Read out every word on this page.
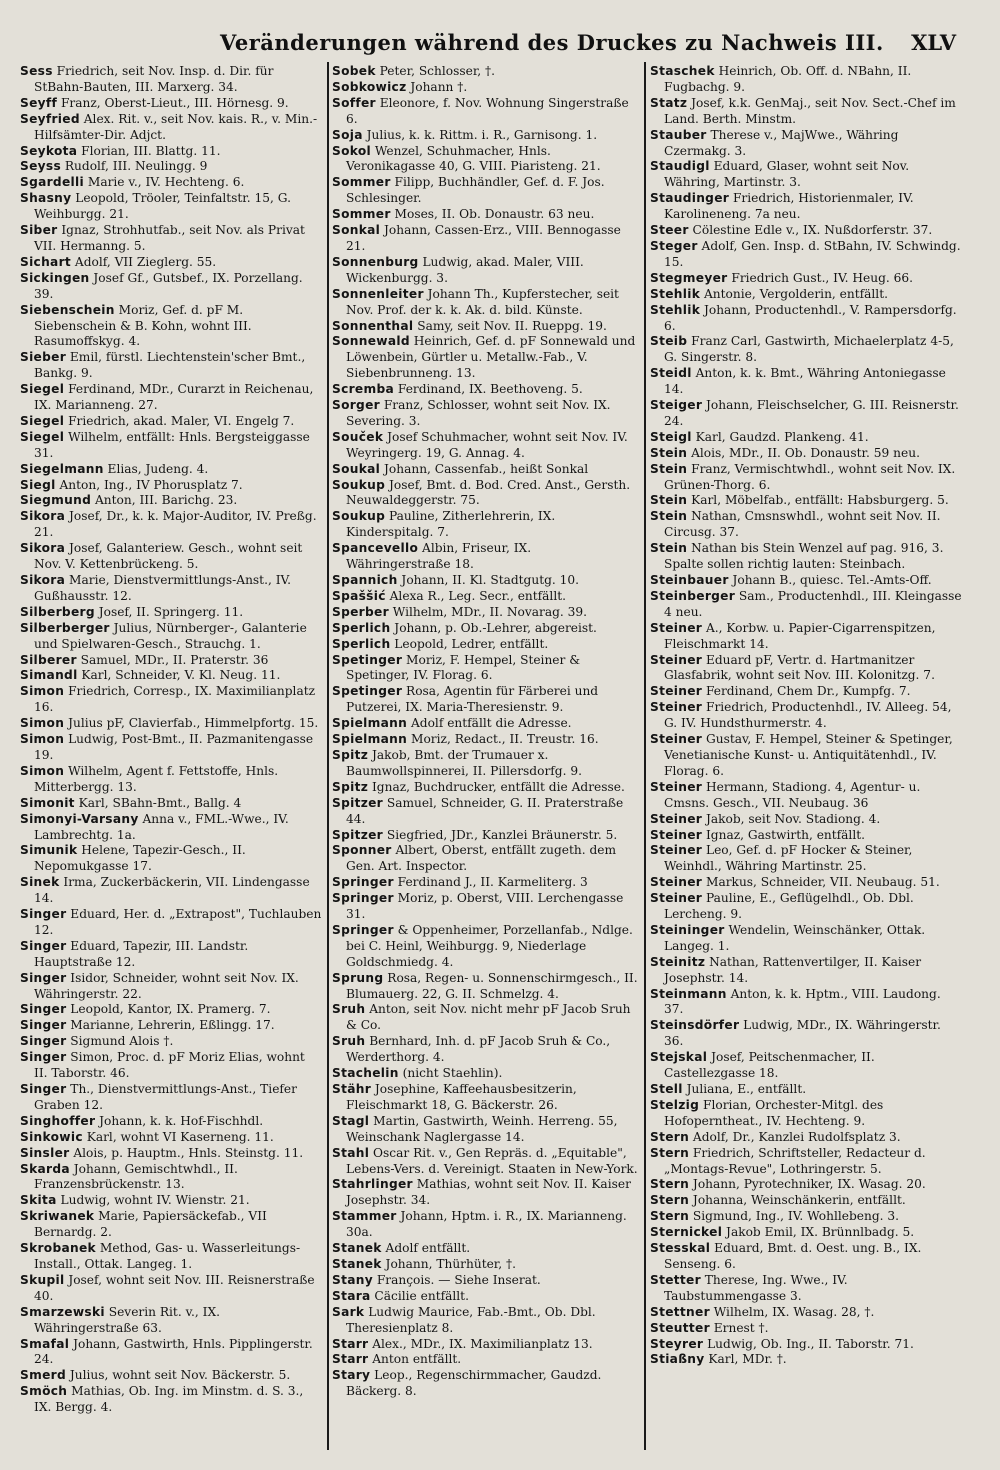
Veränderungen während des Druckes zu Nachweis III. XLV

Sess Friedrich, seit Nov. Insp. d. Dir. für StBahn-Bauten, III. Marxerg. 34.

Seyff Franz, Oberst-Lieut., III. Hörnesg. 9.

Seyfried Alex. Rit. v., seit Nov. kais. R., v. Min.-Hilfsämter-Dir. Adjct.

Seykota Florian, III. Blattg. 11.

Seyss Rudolf, III. Neulingg. 9

Sgardelli Marie v., IV. Hechteng. 6.

Shasny Leopold, Tröoler, Teinfaltstr. 15, G. Weihburgg. 21.

Siber Ignaz, Strohhutfab., seit Nov. als Privat VII. Hermanng. 5.

Sichart Adolf, VII Zieglerg. 55.

Sickingen Josef Gf., Gutsbef., IX. Porzellang. 39.

Siebenschein Moriz, Gef. d. pF M. Siebenschein & B. Kohn, wohnt III. Rasumoffskyg. 4.

Sieber Emil, fürstl. Liechtenstein'scher Bmt., Bankg. 9.

Siegel Ferdinand, MDr., Curarzt in Reichenau, IX. Marianneng. 27.

Siegel Friedrich, akad. Maler, VI. Engelg 7.

Siegel Wilhelm, entfällt: Hnls. Bergsteiggasse 31.

Siegelmann Elias, Judeng. 4.

Siegl Anton, Ing., IV Phorusplatz 7.

Siegmund Anton, III. Barichg. 23.

Sikora Josef, Dr., k. k. Major-Auditor, IV. Preßg. 21.

Sikora Josef, Galanteriew. Gesch., wohnt seit Nov. V. Kettenbrückeng. 5.

Sikora Marie, Dienstvermittlungs-Anst., IV. Gußhausstr. 12.

Silberberg Josef, II. Springerg. 11.

Silberberger Julius, Nürnberger-, Galanterie und Spielwaren-Gesch., Strauchg. 1.

Silberer Samuel, MDr., II. Praterstr. 36

Simandl Karl, Schneider, V. Kl. Neug. 11.

Simon Friedrich, Corresp., IX. Maximilianplatz 16.

Simon Julius pF, Clavierfab., Himmelpfortg. 15.

Simon Ludwig, Post-Bmt., II. Pazmanitengasse 19.

Simon Wilhelm, Agent f. Fettstoffe, Hnls. Mitterbergg. 13.

Simonit Karl, SBahn-Bmt., Ballg. 4

Simonyi-Varsany Anna v., FML.-Wwe., IV. Lambrechtg. 1a.

Simunik Helene, Tapezir-Gesch., II. Nepomukgasse 17.

Sinek Irma, Zuckerbäckerin, VII. Lindengasse 14.

Singer Eduard, Her. d. „Extrapost", Tuchlauben 12.

Singer Eduard, Tapezir, III. Landstr. Hauptstraße 12.

Singer Isidor, Schneider, wohnt seit Nov. IX. Währingerstr. 22.

Singer Leopold, Kantor, IX. Pramerg. 7.

Singer Marianne, Lehrerin, Eßlingg. 17.

Singer Sigmund Alois †.

Singer Simon, Proc. d. pF Moriz Elias, wohnt II. Taborstr. 46.

Singer Th., Dienstvermittlungs-Anst., Tiefer Graben 12.

Singhoffer Johann, k. k. Hof-Fischhdl.

Sinkowic Karl, wohnt VI Kaserneng. 11.

Sinsler Alois, p. Hauptm., Hnls. Steinstg. 11.

Skarda Johann, Gemischtwhdl., II. Franzensbrückenstr. 13.

Skita Ludwig, wohnt IV. Wienstr. 21.

Skriwanek Marie, Papiersäckefab., VII Bernardg. 2.

Skrobanek Method, Gas- u. Wasserleitungs-Install., Ottak. Langeg. 1.

Skupil Josef, wohnt seit Nov. III. Reisnerstraße 40.

Smarzewski Severin Rit. v., IX. Währingerstraße 63.

Smafal Johann, Gastwirth, Hnls. Pipplingerstr. 24.

Smerd Julius, wohnt seit Nov. Bäckerstr. 5.

Smöch Mathias, Ob. Ing. im Minstm. d. S. 3., IX. Bergg. 4.

Sobek Peter, Schlosser, †.

Sobkowicz Johann †.

Soffer Eleonore, f. Nov. Wohnung Singerstraße 6.

Soja Julius, k. k. Rittm. i. R., Garnisong. 1.

Sokol Wenzel, Schuhmacher, Hnls. Veronikagasse 40, G. VIII. Piaristeng. 21.

Sommer Filipp, Buchhändler, Gef. d. F. Jos. Schlesinger.

Sommer Moses, II. Ob. Donaustr. 63 neu.

Sonkal Johann, Cassen-Erz., VIII. Bennogasse 21.

Sonnenburg Ludwig, akad. Maler, VIII. Wickenburgg. 3.

Sonnenleiter Johann Th., Kupferstecher, seit Nov. Prof. der k. k. Ak. d. bild. Künste.

Sonnenthal Samy, seit Nov. II. Rueppg. 19.

Sonnewald Heinrich, Gef. d. pF Sonnewald und Löwenbein, Gürtler u. Metallw.-Fab., V. Siebenbrunneng. 13.

Scremba Ferdinand, IX. Beethoveng. 5.

Sorger Franz, Schlosser, wohnt seit Nov. IX. Severing. 3.

Souček Josef Schuhmacher, wohnt seit Nov. IV. Weyringerg. 19, G. Annag. 4.

Soukal Johann, Cassenfab., heißt Sonkal

Soukup Josef, Bmt. d. Bod. Cred. Anst., Gersth. Neuwaldeggerstr. 75.

Soukup Pauline, Zitherlehrerin, IX. Kinderspitalg. 7.

Spancevello Albin, Friseur, IX. Währingerstraße 18.

Spannich Johann, II. Kl. Stadtgutg. 10.

Spaššić Alexa R., Leg. Secr., entfällt.

Sperber Wilhelm, MDr., II. Novarag. 39.

Sperlich Johann, p. Ob.-Lehrer, abgereist.

Sperlich Leopold, Ledrer, entfällt.

Spetinger Moriz, F. Hempel, Steiner & Spetinger, IV. Florag. 6.

Spetinger Rosa, Agentin für Färberei und Putzerei, IX. Maria-Theresienstr. 9.

Spielmann Adolf entfällt die Adresse.

Spielmann Moriz, Redact., II. Treustr. 16.

Spitz Jakob, Bmt. der Trumauer x. Baumwollspinnerei, II. Pillersdorfg. 9.

Spitz Ignaz, Buchdrucker, entfällt die Adresse.

Spitzer Samuel, Schneider, G. II. Praterstraße 44.

Spitzer Siegfried, JDr., Kanzlei Bräunerstr. 5.

Sponner Albert, Oberst, entfällt zugeth. dem Gen. Art. Inspector.

Springer Ferdinand J., II. Karmeliterg. 3

Springer Moriz, p. Oberst, VIII. Lerchengasse 31.

Springer & Oppenheimer, Porzellanfab., Ndlge. bei C. Heinl, Weihburgg. 9, Niederlage Goldschmiedg. 4.

Sprung Rosa, Regen- u. Sonnenschirmgesch., II. Blumauerg. 22, G. II. Schmelzg. 4.

Sruh Anton, seit Nov. nicht mehr pF Jacob Sruh & Co.

Sruh Bernhard, Inh. d. pF Jacob Sruh & Co., Werderthorg. 4.

Stachelin (nicht Staehlin).

Stähr Josephine, Kaffeehausbesitzerin, Fleischmarkt 18, G. Bäckerstr. 26.

Stagl Martin, Gastwirth, Weinh. Herreng. 55, Weinschank Naglergasse 14.

Stahl Oscar Rit. v., Gen Repräs. d. „Equitable", Lebens-Vers. d. Vereinigt. Staaten in New-York.

Stahrlinger Mathias, wohnt seit Nov. II. Kaiser Josephstr. 34.

Stammer Johann, Hptm. i. R., IX. Marianneng. 30a.

Stanek Adolf entfällt.

Stanek Johann, Thürhüter, †.

Stany François. — Siehe Inserat.

Stara Cäcilie entfällt.

Sark Ludwig Maurice, Fab.-Bmt., Ob. Dbl. Theresienplatz 8.

Starr Alex., MDr., IX. Maximilianplatz 13.

Starr Anton entfällt.

Stary Leop., Regenschirmmacher, Gaudzd. Bäckerg. 8.

Staschek Heinrich, Ob. Off. d. NBahn, II. Fugbachg. 9.

Statz Josef, k.k. GenMaj., seit Nov. Sect.-Chef im Land. Berth. Minstm.

Stauber Therese v., MajWwe., Währing Czermakg. 3.

Staudigl Eduard, Glaser, wohnt seit Nov. Währing, Martinstr. 3.

Staudinger Friedrich, Historienmaler, IV. Karolineneng. 7a neu.

Steer Cölestine Edle v., IX. Nußdorferstr. 37.

Steger Adolf, Gen. Insp. d. StBahn, IV. Schwindg. 15.

Stegmeyer Friedrich Gust., IV. Heug. 66.

Stehlik Antonie, Vergolderin, entfällt.

Stehlik Johann, Productenhdl., V. Rampersdorfg. 6.

Steib Franz Carl, Gastwirth, Michaelerplatz 4-5, G. Singerstr. 8.

Steidl Anton, k. k. Bmt., Währing Antoniegasse 14.

Steiger Johann, Fleischselcher, G. III. Reisnerstr. 24.

Steigl Karl, Gaudzd. Plankeng. 41.

Stein Alois, MDr., II. Ob. Donaustr. 59 neu.

Stein Franz, Vermischtwhdl., wohnt seit Nov. IX. Grünen-Thorg. 6.

Stein Karl, Möbelfab., entfällt: Habsburgerg. 5.

Stein Nathan, Cmsnswhdl., wohnt seit Nov. II. Circusg. 37.

Stein Nathan bis Stein Wenzel auf pag. 916, 3. Spalte sollen richtig lauten: Steinbach.

Steinbauer Johann B., quiesc. Tel.-Amts-Off.

Steinberger Sam., Productenhdl., III. Kleingasse 4 neu.

Steiner A., Korbw. u. Papier-Cigarrenspitzen, Fleischmarkt 14.

Steiner Eduard pF, Vertr. d. Hartmanitzer Glasfabrik, wohnt seit Nov. III. Kolonitzg. 7.

Steiner Ferdinand, Chem Dr., Kumpfg. 7.

Steiner Friedrich, Productenhdl., IV. Alleeg. 54, G. IV. Hundsthurmerstr. 4.

Steiner Gustav, F. Hempel, Steiner & Spetinger, Venetianische Kunst- u. Antiquitätenhdl., IV. Florag. 6.

Steiner Hermann, Stadiong. 4, Agentur- u. Cmsns. Gesch., VII. Neubaug. 36

Steiner Jakob, seit Nov. Stadiong. 4.

Steiner Ignaz, Gastwirth, entfällt.

Steiner Leo, Gef. d. pF Hocker & Steiner, Weinhdl., Währing Martinstr. 25.

Steiner Markus, Schneider, VII. Neubaug. 51.

Steiner Pauline, E., Geflügelhdl., Ob. Dbl. Lercheng. 9.

Steininger Wendelin, Weinschänker, Ottak. Langeg. 1.

Steinitz Nathan, Rattenvertilger, II. Kaiser Josephstr. 14.

Steinmann Anton, k. k. Hptm., VIII. Laudong. 37.

Steinsdörfer Ludwig, MDr., IX. Währingerstr. 36.

Stejskal Josef, Peitschenmacher, II. Castellezgasse 18.

Stell Juliana, E., entfällt.

Stelzig Florian, Orchester-Mitgl. des Hofoperntheat., IV. Hechteng. 9.

Stern Adolf, Dr., Kanzlei Rudolfsplatz 3.

Stern Friedrich, Schriftsteller, Redacteur d. „Montags-Revue", Lothringerstr. 5.

Stern Johann, Pyrotechniker, IX. Wasag. 20.

Stern Johanna, Weinschänkerin, entfällt.

Stern Sigmund, Ing., IV. Wohllebeng. 3.

Sternickel Jakob Emil, IX. Brünnlbadg. 5.

Stesskal Eduard, Bmt. d. Oest. ung. B., IX. Senseng. 6.

Stetter Therese, Ing. Wwe., IV. Taubstummengasse 3.

Stettner Wilhelm, IX. Wasag. 28, †.

Steutter Ernest †.

Steyrer Ludwig, Ob. Ing., II. Taborstr. 71.

Stiaßny Karl, MDr. †.
